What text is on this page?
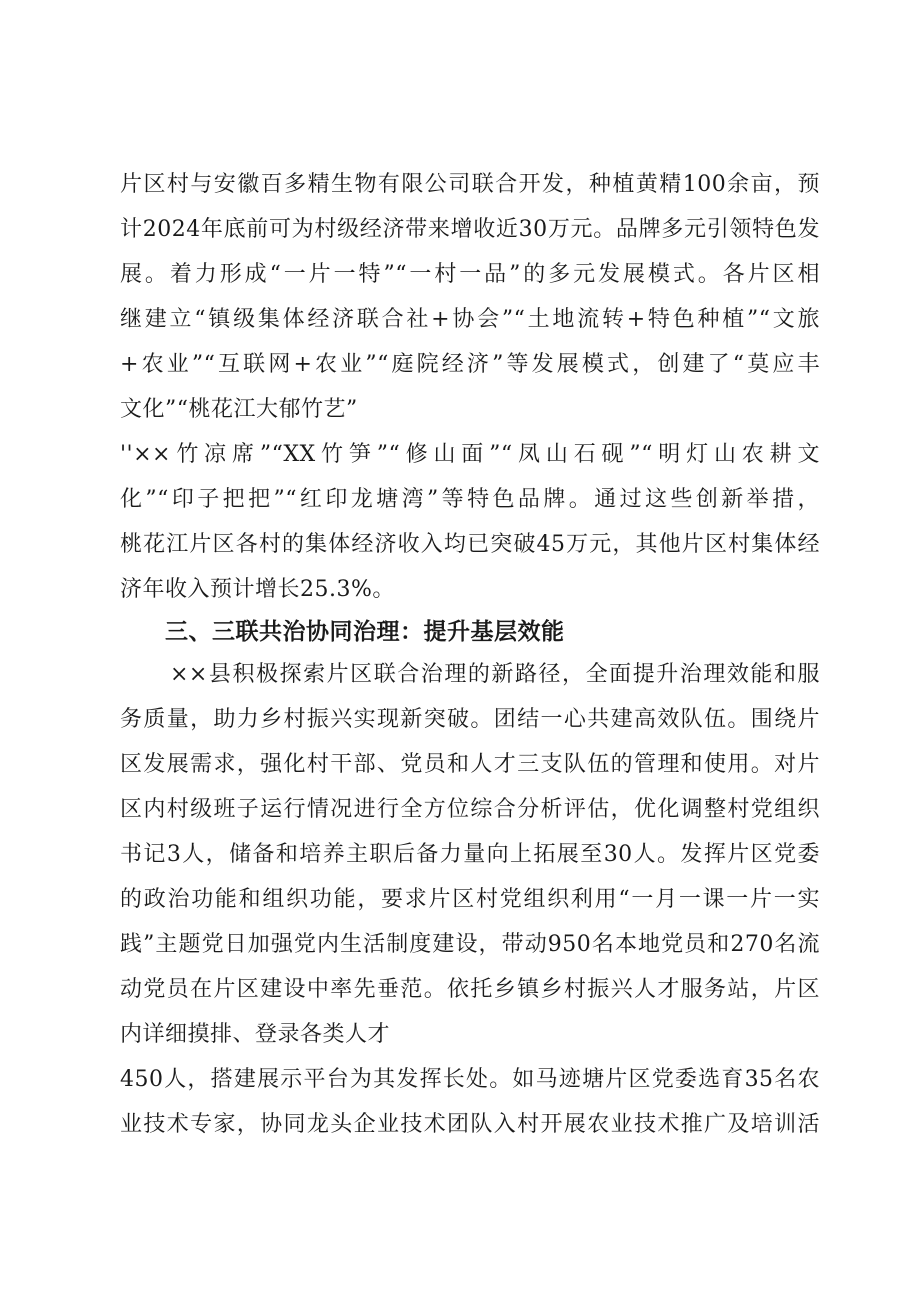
片区村与安徽百多精生物有限公司联合开发，种植黄精100余亩，预
计2024年底前可为村级经济带来增收近30万元。品牌多元引领特色发
展。着力形成“一片一特”“一村一品”的多元发展模式。各片区相
继建立“镇级集体经济联合社+协会”“土地流转+特色种植”“文旅
+农业”“互联网+农业”“庭院经济”等发展模式，创建了“莫应丰
文化”“桃花江大郁竹艺”
''××竹凉席”“XX竹笋”“修山面”“凤山石砚”“明灯山农耕文
化”“印子把把”“红印龙塘湾”等特色品牌。通过这些创新举措，
桃花江片区各村的集体经济收入均已突破45万元，其他片区村集体经
济年收入预计增长25.3%。
三、三联共治协同治理：提升基层效能
××县积极探索片区联合治理的新路径，全面提升治理效能和服
务质量，助力乡村振兴实现新突破。团结一心共建高效队伍。围绕片
区发展需求，强化村干部、党员和人才三支队伍的管理和使用。对片
区内村级班子运行情况进行全方位综合分析评估，优化调整村党组织
书记3人，储备和培养主职后备力量向上拓展至30人。发挥片区党委
的政治功能和组织功能，要求片区村党组织利用“一月一课一片一实
践”主题党日加强党内生活制度建设，带动950名本地党员和270名流
动党员在片区建设中率先垂范。依托乡镇乡村振兴人才服务站，片区
内详细摸排、登录各类人才
450人，搭建展示平台为其发挥长处。如马迹塘片区党委选育35名农
业技术专家，协同龙头企业技术团队入村开展农业技术推广及培训活
